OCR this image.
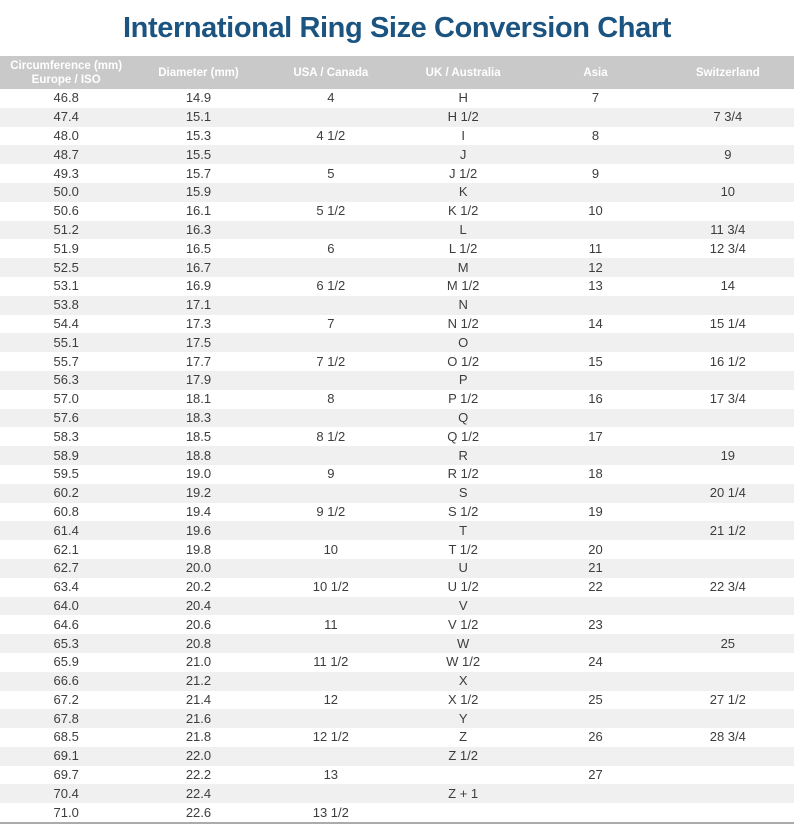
International Ring Size Conversion Chart
Circumference (mm)
Europe / ISO	Diameter (mm)	USA / Canada	UK / Australia	Asia	Switzerland

46.8	14.9	4	H	7	
47.4	15.1		H 1/2		7 3/4
48.0	15.3	4 1/2	I	8	
48.7	15.5		J		9
49.3	15.7	5	J 1/2	9	
50.0	15.9		K		10
50.6	16.1	5 1/2	K 1/2	10	
51.2	16.3		L		11 3/4
51.9	16.5	6	L 1/2	11	12 3/4
52.5	16.7		M	12	
53.1	16.9	6 1/2	M 1/2	13	14
53.8	17.1		N		
54.4	17.3	7	N 1/2	14	15 1/4
55.1	17.5		O		
55.7	17.7	7 1/2	O 1/2	15	16 1/2
56.3	17.9		P		
57.0	18.1	8	P 1/2	16	17 3/4
57.6	18.3		Q		
58.3	18.5	8 1/2	Q 1/2	17	
58.9	18.8		R		19
59.5	19.0	9	R 1/2	18	
60.2	19.2		S		20 1/4
60.8	19.4	9 1/2	S 1/2	19	
61.4	19.6		T		21 1/2
62.1	19.8	10	T 1/2	20	
62.7	20.0		U	21	
63.4	20.2	10 1/2	U 1/2	22	22 3/4
64.0	20.4		V		
64.6	20.6	11	V 1/2	23	
65.3	20.8		W		25
65.9	21.0	11 1/2	W 1/2	24	
66.6	21.2		X		
67.2	21.4	12	X 1/2	25	27 1/2
67.8	21.6		Y		
68.5	21.8	12 1/2	Z	26	28 3/4
69.1	22.0		Z 1/2		
69.7	22.2	13		27	
70.4	22.4		Z + 1		
71.0	22.6	13 1/2			
